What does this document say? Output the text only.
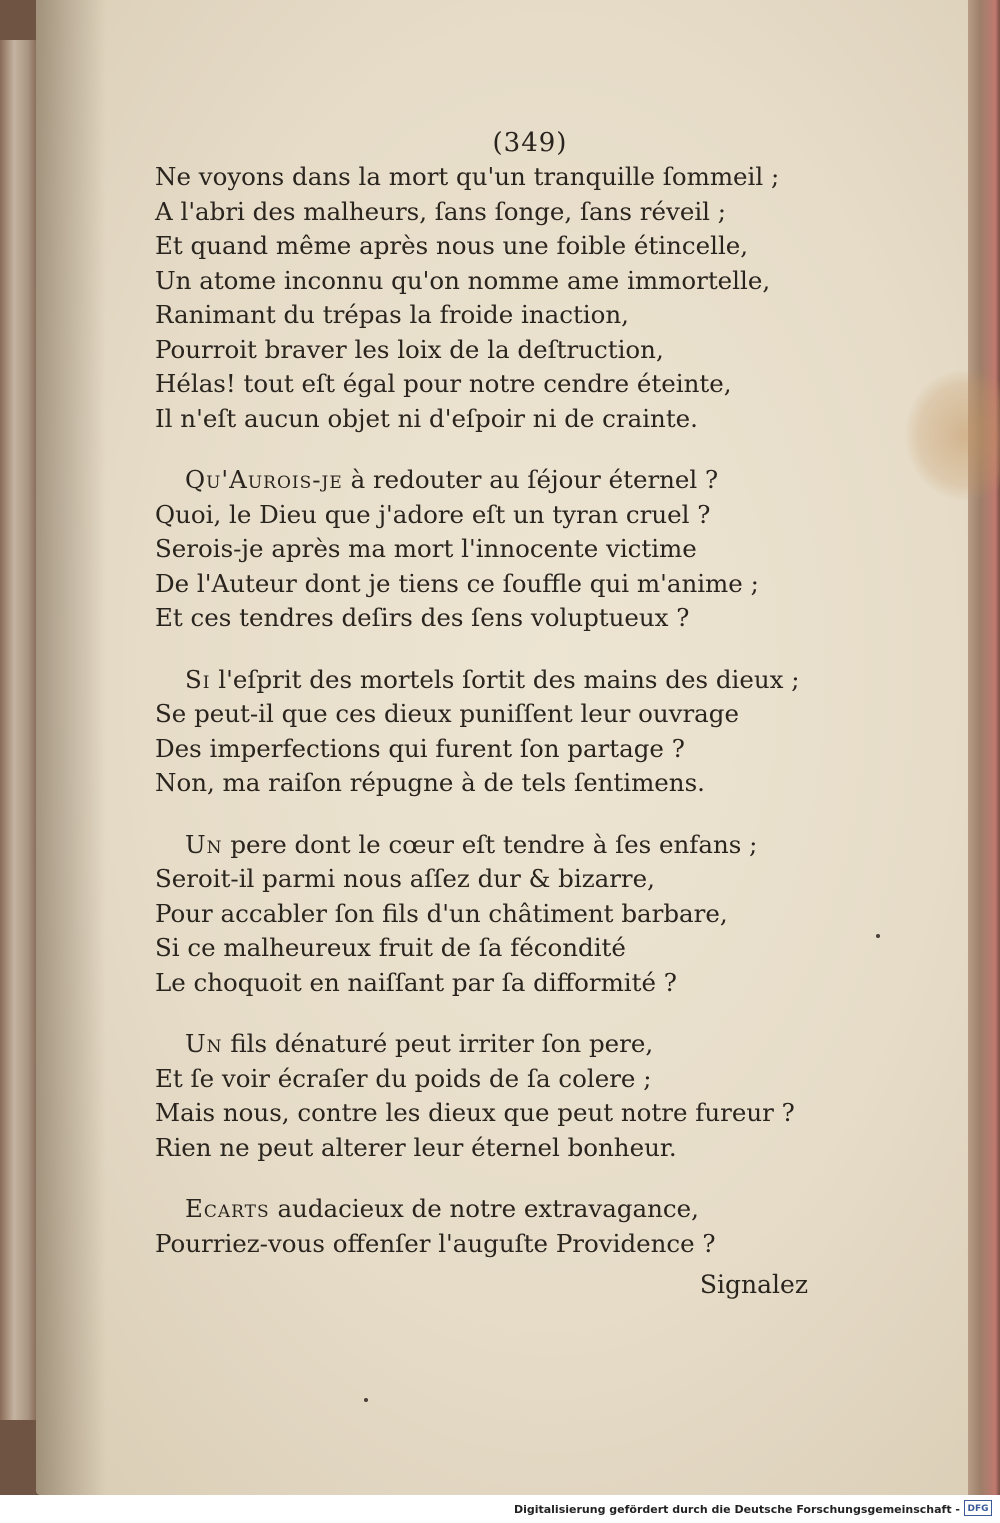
(349)
Ne voyons dans la mort qu'un tranquille ſommeil ;
A l'abri des malheurs, ſans ſonge, ſans réveil ;
Et quand même après nous une foible étincelle,
Un atome inconnu qu'on nomme ame immortelle,
Ranimant du trépas la froide inaction,
Pourroit braver les loix de la deſtruction,
Hélas! tout eſt égal pour notre cendre éteinte,
Il n'eſt aucun objet ni d'eſpoir ni de crainte.
Qu'Aurois-je à redouter au ſéjour éternel ?
Quoi, le Dieu que j'adore eſt un tyran cruel ?
Serois-je après ma mort l'innocente victime
De l'Auteur dont je tiens ce ſouffle qui m'anime ;
Et ces tendres deſirs des ſens voluptueux ?
Si l'eſprit des mortels ſortit des mains des dieux ;
Se peut-il que ces dieux puniſſent leur ouvrage
Des imperfections qui furent ſon partage ?
Non, ma raiſon répugne à de tels ſentimens.
Un pere dont le cœur eſt tendre à ſes enfans ;
Seroit-il parmi nous aſſez dur & bizarre,
Pour accabler ſon fils d'un châtiment barbare,
Si ce malheureux fruit de ſa fécondité
Le choquoit en naiſſant par ſa difformité ?
Un fils dénaturé peut irriter ſon pere,
Et ſe voir écraſer du poids de ſa colere ;
Mais nous, contre les dieux que peut notre fureur ?
Rien ne peut alterer leur éternel bonheur.
Ecarts audacieux de notre extravagance,
Pourriez-vous offenſer l'auguſte Providence ?
Signalez
Digitalisierung gefördert durch die Deutsche Forschungsgemeinschaft - DFG
